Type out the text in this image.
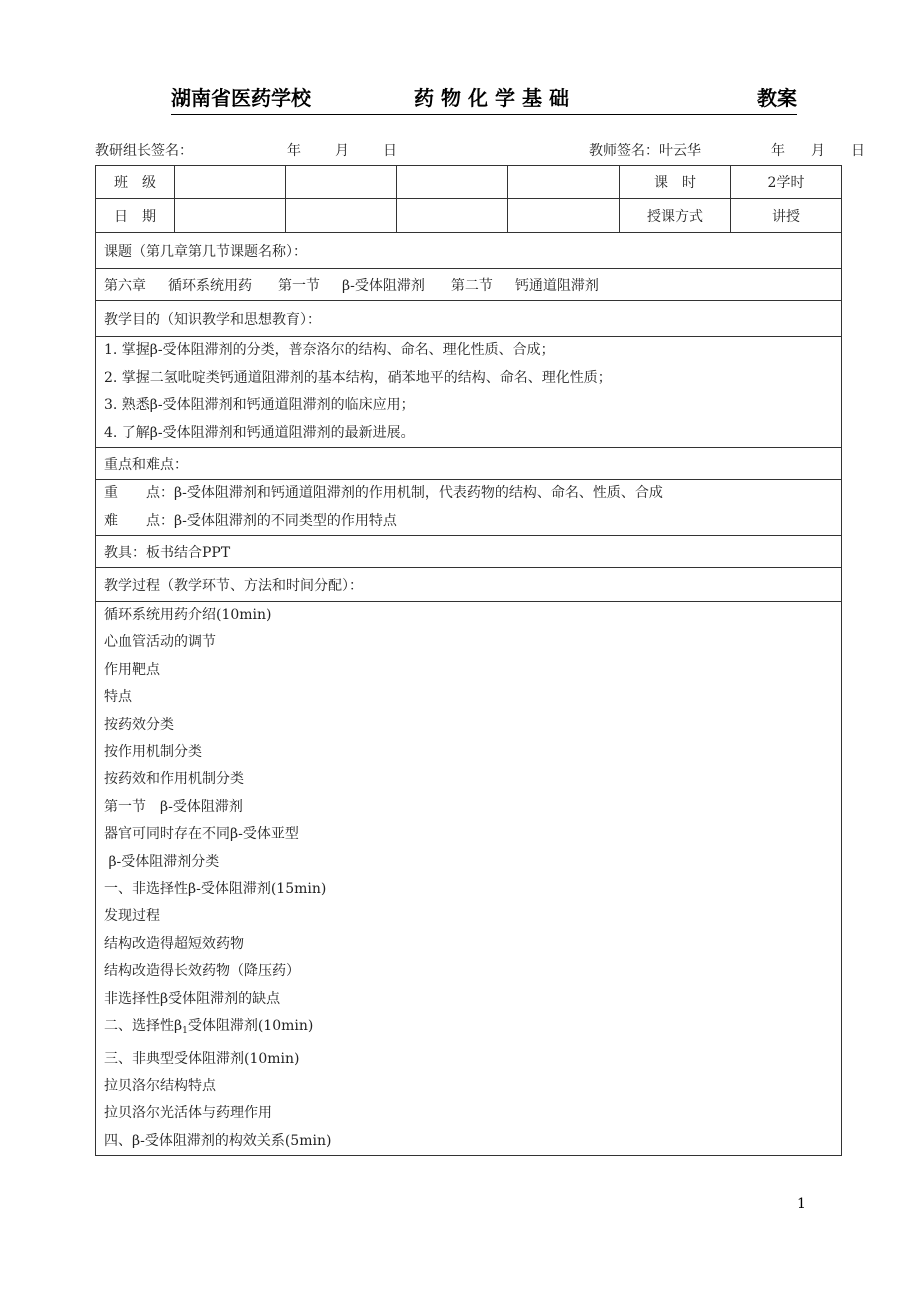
湖南省医药学校	药物化学基础	教案
教研组长签名：	年 月 日	教师签名：叶云华	年 月 日
班　级					课　时	2学时
日　期					授课方式	讲授
课题（第几章第几节课题名称）：						
第六章 循环系统用药 第一节 β-受体阻滞剂 第二节 钙通道阻滞剂						
教学目的（知识教学和思想教育）：						

1. 掌握β-受体阻滞剂的分类，普奈洛尔的结构、命名、理化性质、合成；
2. 掌握二氢吡啶类钙通道阻滞剂的基本结构，硝苯地平的结构、命名、理化性质；
3. 熟悉β-受体阻滞剂和钙通道阻滞剂的临床应用；
4. 了解β-受体阻滞剂和钙通道阻滞剂的最新进展。						

重点和难点：						

重　　点：β-受体阻滞剂和钙通道阻滞剂的作用机制，代表药物的结构、命名、性质、合成
难　　点：β-受体阻滞剂的不同类型的作用特点						

教具：板书结合PPT						
教学过程（教学环节、方法和时间分配）：						

循环系统用药介绍(10min)
心血管活动的调节
作用靶点
特点
按药效分类
按作用机制分类
按药效和作用机制分类
第一节　β-受体阻滞剂
器官可同时存在不同β-受体亚型
β-受体阻滞剂分类
一、非选择性β-受体阻滞剂(15min)
发现过程
结构改造得超短效药物
结构改造得长效药物（降压药）
非选择性β受体阻滞剂的缺点
二、选择性$\beta_1$受体阻滞剂(10min)
三、非典型受体阻滞剂(10min)
拉贝洛尔结构特点
拉贝洛尔光活体与药理作用
四、β-受体阻滞剂的构效关系(5min)
1
